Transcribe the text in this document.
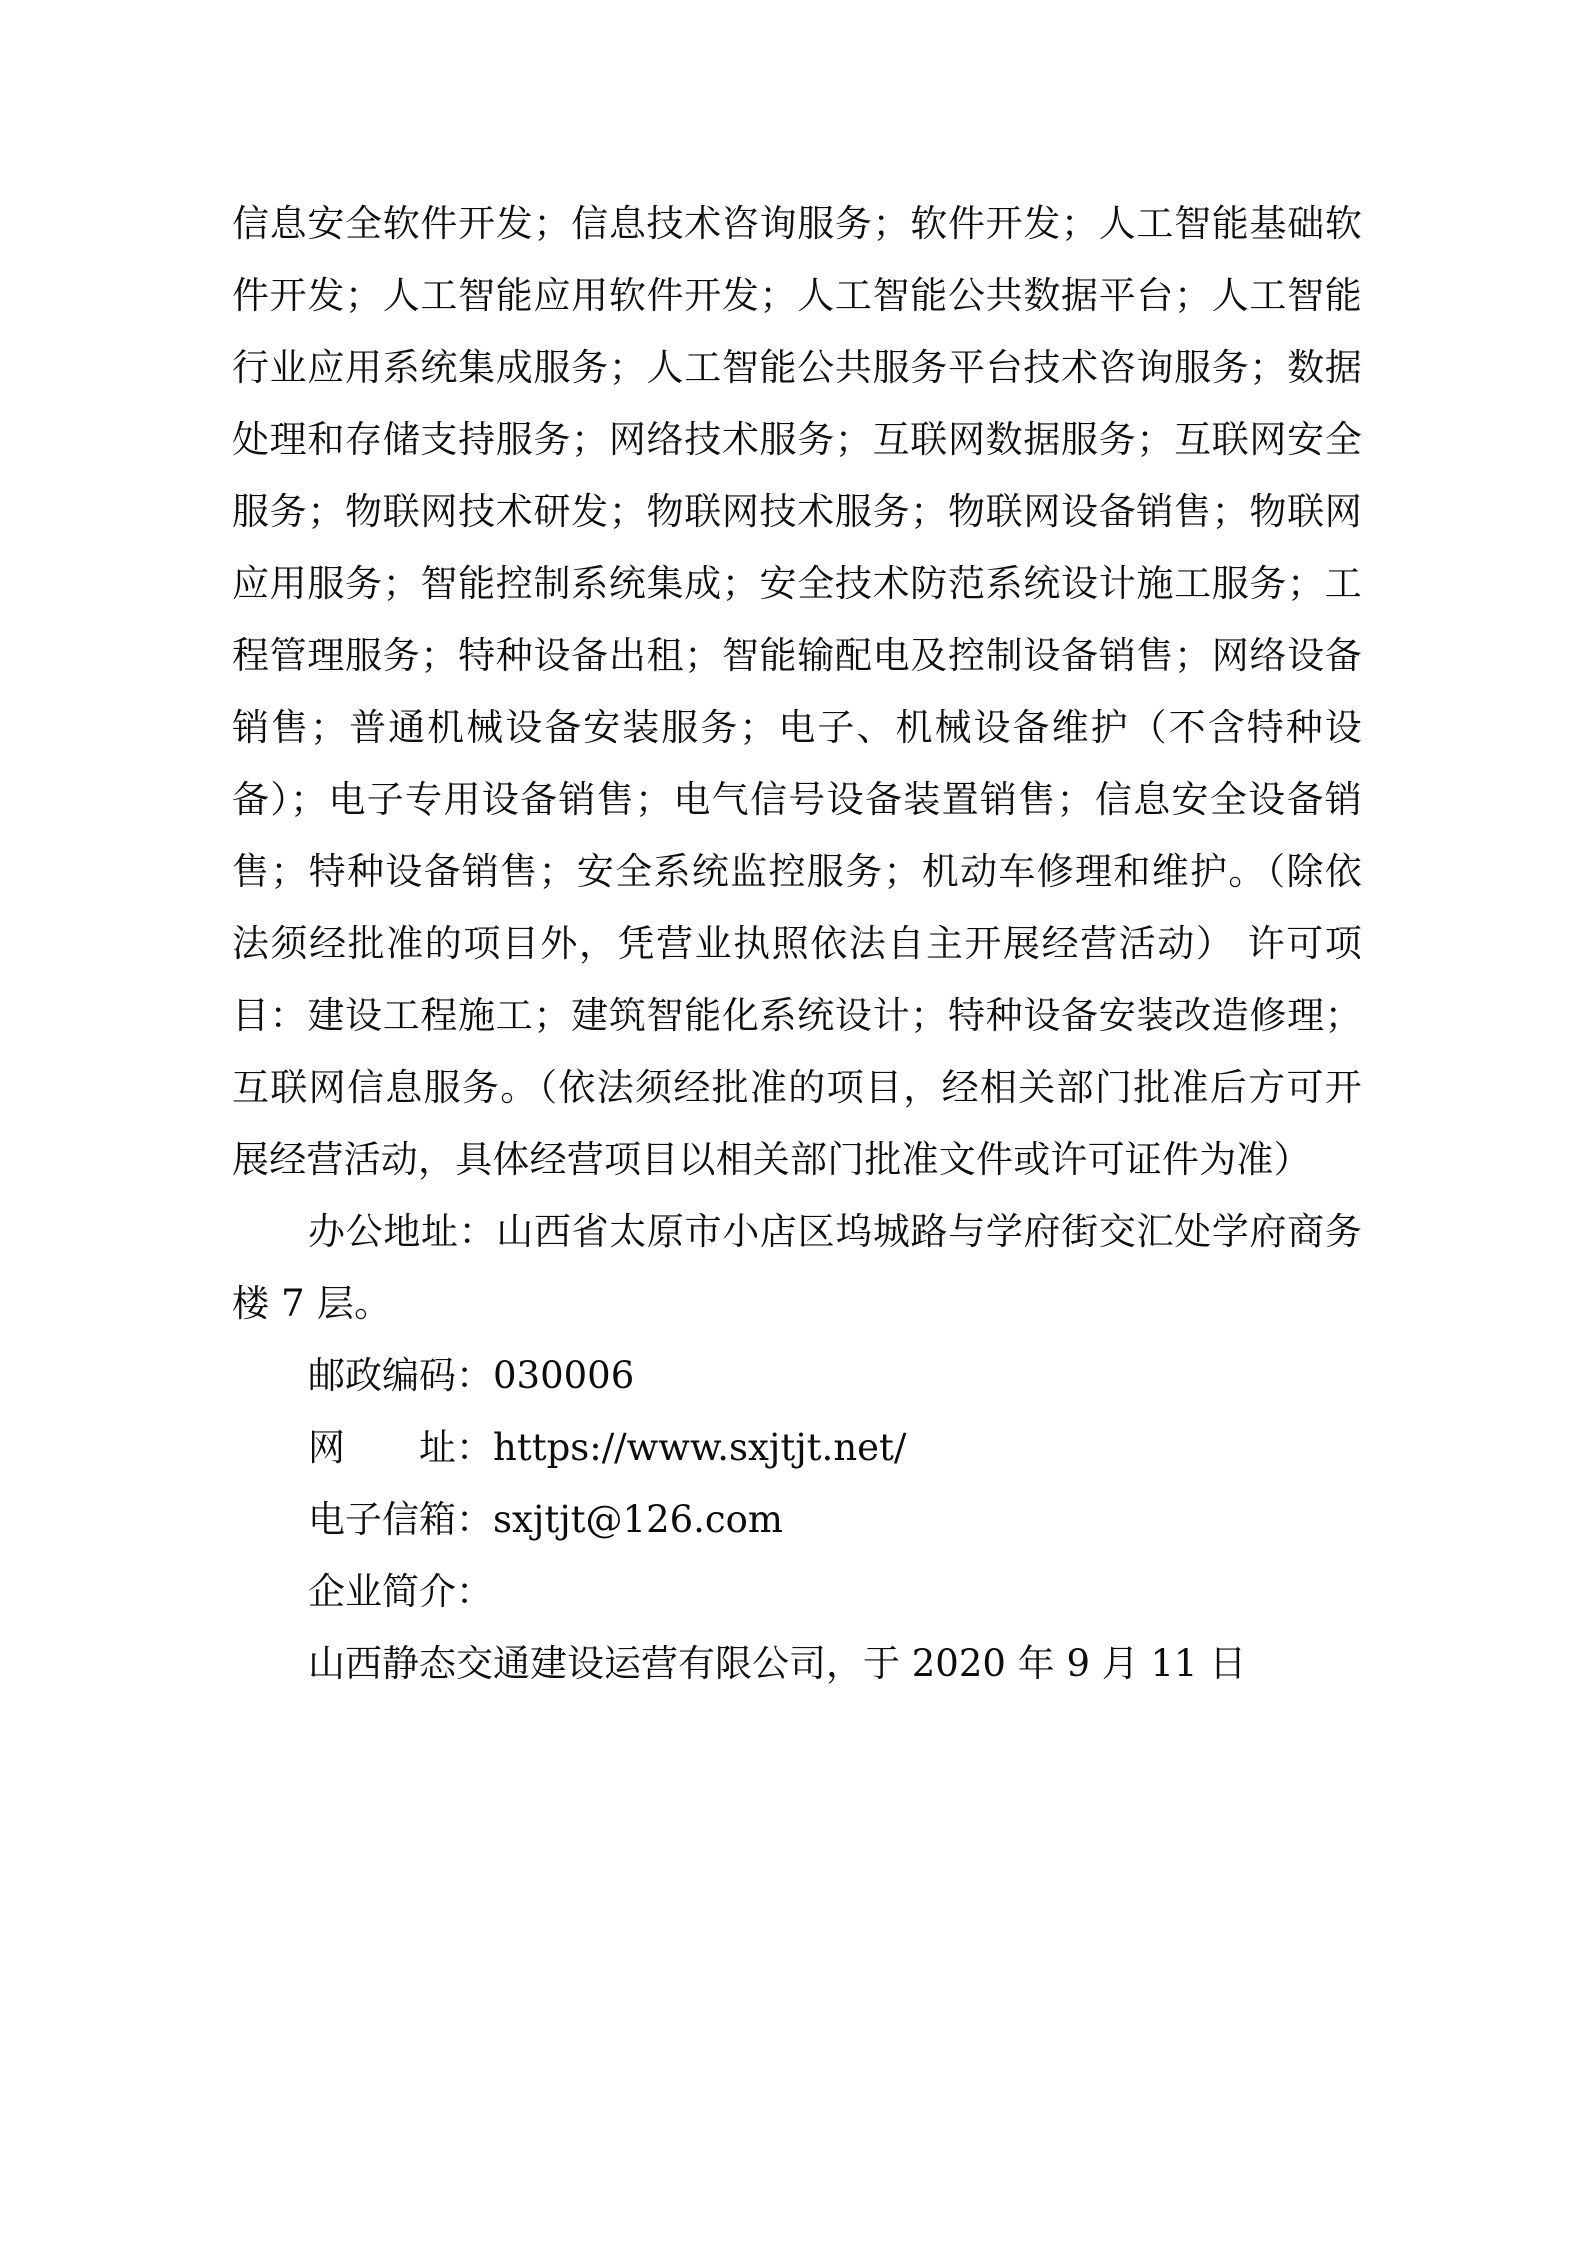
信息安全软件开发；信息技术咨询服务；软件开发；人工智能基础软件开发；人工智能应用软件开发；人工智能公共数据平台；人工智能行业应用系统集成服务；人工智能公共服务平台技术咨询服务；数据处理和存储支持服务；网络技术服务；互联网数据服务；互联网安全服务；物联网技术研发；物联网技术服务；物联网设备销售；物联网应用服务；智能控制系统集成；安全技术防范系统设计施工服务；工程管理服务；特种设备出租；智能输配电及控制设备销售；网络设备销售；普通机械设备安装服务；电子、机械设备维护（不含特种设备）；电子专用设备销售；电气信号设备装置销售；信息安全设备销售；特种设备销售；安全系统监控服务；机动车修理和维护。（除依法须经批准的项目外，凭营业执照依法自主开展经营活动） 许可项目：建设工程施工；建筑智能化系统设计；特种设备安装改造修理；互联网信息服务。（依法须经批准的项目，经相关部门批准后方可开展经营活动，具体经营项目以相关部门批准文件或许可证件为准）

办公地址：山西省太原市小店区坞城路与学府街交汇处学府商务楼 7 层。

邮政编码：030006

网　　址：https://www.sxjtjt.net/

电子信箱：sxjtjt@126.com

企业简介：

山西静态交通建设运营有限公司，于 2020 年 9 月 11 日
